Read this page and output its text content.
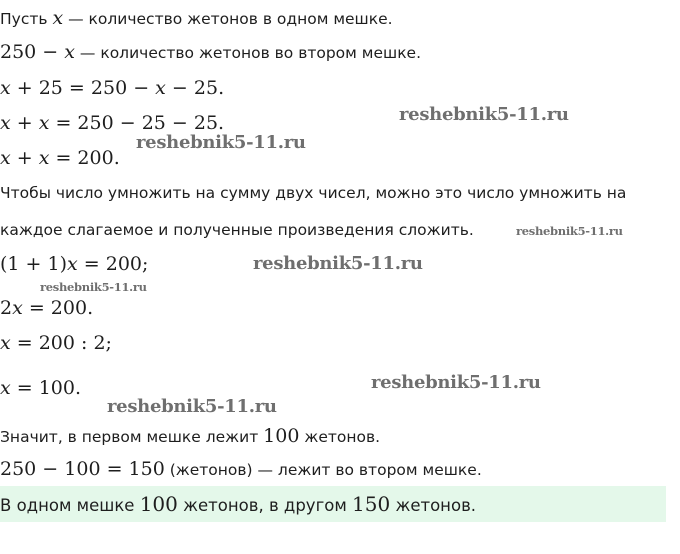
Пусть x — количество жетонов в одном мешке.
250 − x — количество жетонов во втором мешке.
x + 25 = 250 − x − 25.
x + x = 250 − 25 − 25.
x + x = 200.
Чтобы число умножить на сумму двух чисел, можно это число умножить на
каждое слагаемое и полученные произведения сложить.
(1 + 1)x = 200;
2x = 200.
x = 200 : 2;
x = 100.
Значит, в первом мешке лежит 100 жетонов.
250 − 100 = 150 (жетонов) — лежит во втором мешке.
В одном мешке 100 жетонов, в другом 150 жетонов.
reshebnik5-11.ru
reshebnik5-11.ru
reshebnik5-11.ru
reshebnik5-11.ru
reshebnik5-11.ru
reshebnik5-11.ru
reshebnik5-11.ru
